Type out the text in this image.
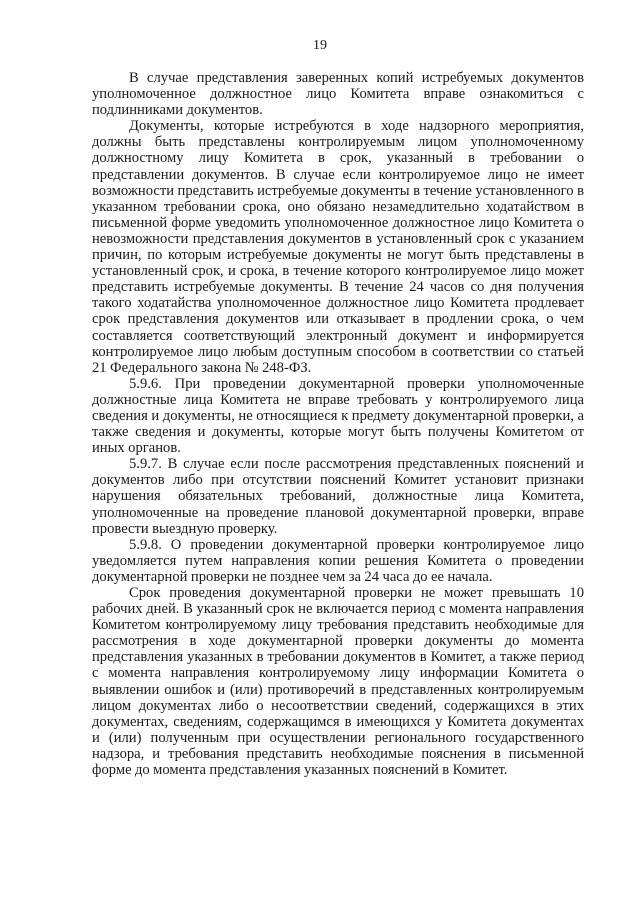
19

В случае представления заверенных копий истребуемых документов уполномоченное должностное лицо Комитета вправе ознакомиться с подлинниками документов.

Документы, которые истребуются в ходе надзорного мероприятия, должны быть представлены контролируемым лицом уполномоченному должностному лицу Комитета в срок, указанный в требовании о представлении документов. В случае если контролируемое лицо не имеет возможности представить истребуемые документы в течение установленного в указанном требовании срока, оно обязано незамедлительно ходатайством в письменной форме уведомить уполномоченное должностное лицо Комитета о невозможности представления документов в установленный срок с указанием причин, по которым истребуемые документы не могут быть представлены в установленный срок, и срока, в течение которого контролируемое лицо может представить истребуемые документы. В течение 24 часов со дня получения такого ходатайства уполномоченное должностное лицо Комитета продлевает срок представления документов или отказывает в продлении срока, о чем составляется соответствующий электронный документ и информируется контролируемое лицо любым доступным способом в соответствии со статьей 21 Федерального закона № 248-ФЗ.

5.9.6. При проведении документарной проверки уполномоченные должностные лица Комитета не вправе требовать у контролируемого лица сведения и документы, не относящиеся к предмету документарной проверки, а также сведения и документы, которые могут быть получены Комитетом от иных органов.

5.9.7. В случае если после рассмотрения представленных пояснений и документов либо при отсутствии пояснений Комитет установит признаки нарушения обязательных требований, должностные лица Комитета, уполномоченные на проведение плановой документарной проверки, вправе провести выездную проверку.

5.9.8. О проведении документарной проверки контролируемое лицо уведомляется путем направления копии решения Комитета о проведении документарной проверки не позднее чем за 24 часа до ее начала.

Срок проведения документарной проверки не может превышать 10 рабочих дней. В указанный срок не включается период с момента направления Комитетом контролируемому лицу требования представить необходимые для рассмотрения в ходе документарной проверки документы до момента представления указанных в требовании документов в Комитет, а также период с момента направления контролируемому лицу информации Комитета о выявлении ошибок и (или) противоречий в представленных контролируемым лицом документах либо о несоответствии сведений, содержащихся в этих документах, сведениям, содержащимся в имеющихся у Комитета документах и (или) полученным при осуществлении регионального государственного надзора, и требования представить необходимые пояснения в письменной форме до момента представления указанных пояснений в Комитет.
